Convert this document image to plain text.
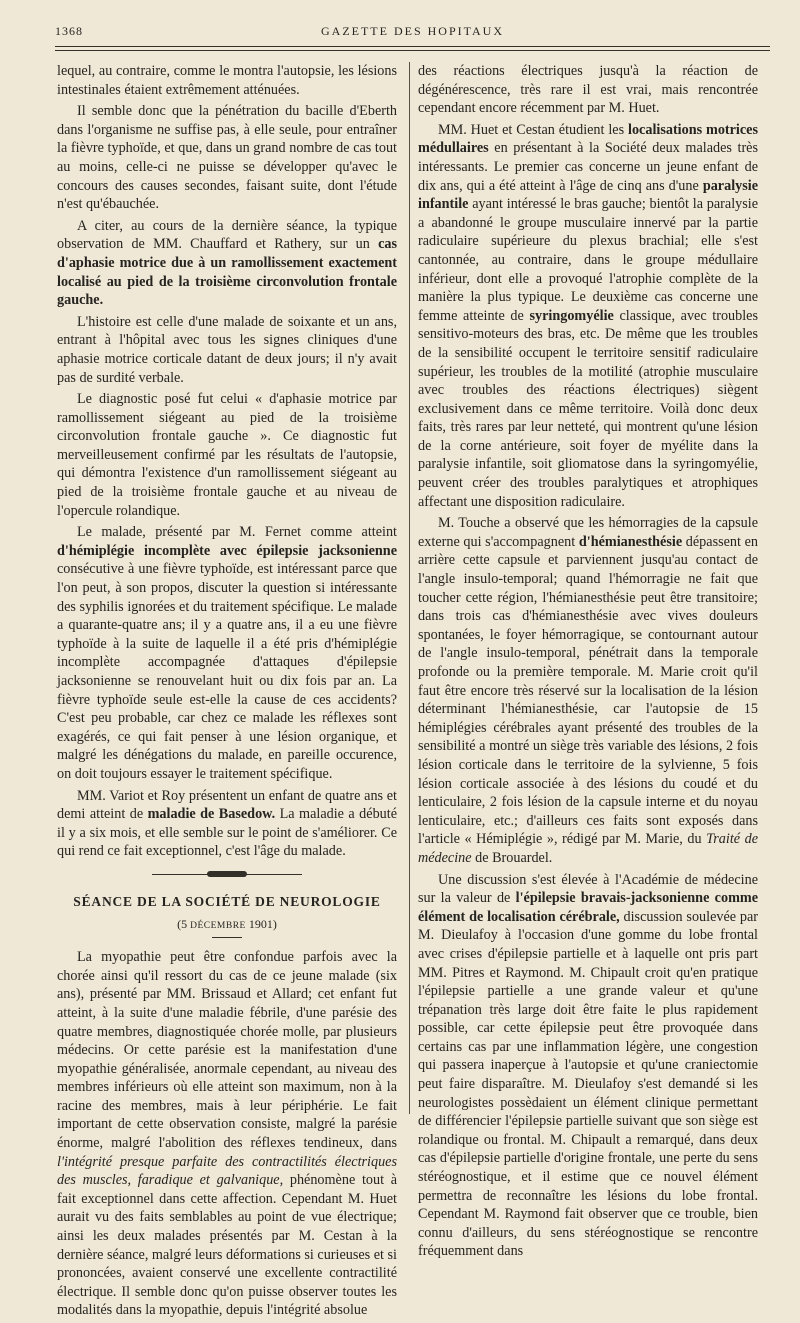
1368	GAZETTE DES HOPITAUX

lequel, au contraire, comme le montra l'autopsie, les lésions intestinales étaient extrêmement atténuées.

Il semble donc que la pénétration du bacille d'Eberth dans l'organisme ne suffise pas, à elle seule, pour entraîner la fièvre typhoïde, et que, dans un grand nombre de cas tout au moins, celle-ci ne puisse se développer qu'avec le concours des causes secondes, faisant suite, dont l'étude n'est qu'ébauchée.

A citer, au cours de la dernière séance, la typique observation de MM. Chauffard et Rathery, sur un cas d'aphasie motrice due à un ramollissement exactement localisé au pied de la troisième circonvolution frontale gauche.

L'histoire est celle d'une malade de soixante et un ans, entrant à l'hôpital avec tous les signes cliniques d'une aphasie motrice corticale datant de deux jours; il n'y avait pas de surdité verbale.

Le diagnostic posé fut celui « d'aphasie motrice par ramollissement siégeant au pied de la troisième circonvolution frontale gauche ». Ce diagnostic fut merveilleusement confirmé par les résultats de l'autopsie, qui démontra l'existence d'un ramollissement siégeant au pied de la troisième frontale gauche et au niveau de l'opercule rolandique.

Le malade, présenté par M. Fernet comme atteint d'hémiplégie incomplète avec épilepsie jacksonienne consécutive à une fièvre typhoïde, est intéressant parce que l'on peut, à son propos, discuter la question si intéressante des syphilis ignorées et du traitement spécifique. Le malade a quarante-quatre ans; il y a quatre ans, il a eu une fièvre typhoïde à la suite de laquelle il a été pris d'hémiplégie incomplète accompagnée d'attaques d'épilepsie jacksonienne se renouvelant huit ou dix fois par an. La fièvre typhoïde seule est-elle la cause de ces accidents? C'est peu probable, car chez ce malade les réflexes sont exagérés, ce qui fait penser à une lésion organique, et malgré les dénégations du malade, en pareille occurence, on doit toujours essayer le traitement spécifique.

MM. Variot et Roy présentent un enfant de quatre ans et demi atteint de maladie de Basedow. La maladie a débuté il y a six mois, et elle semble sur le point de s'améliorer. Ce qui rend ce fait exceptionnel, c'est l'âge du malade.

SÉANCE DE LA SOCIÉTÉ DE NEUROLOGIE

(5 DÉCEMBRE 1901)

La myopathie peut être confondue parfois avec la chorée ainsi qu'il ressort du cas de ce jeune malade (six ans), présenté par MM. Brissaud et Allard; cet enfant fut atteint, à la suite d'une maladie fébrile, d'une parésie des quatre membres, diagnostiquée chorée molle, par plusieurs médecins. Or cette parésie est la manifestation d'une myopathie généralisée, anormale cependant, au niveau des membres inférieurs où elle atteint son maximum, non à la racine des membres, mais à leur périphérie. Le fait important de cette observation consiste, malgré la parésie énorme, malgré l'abolition des réflexes tendineux, dans l'intégrité presque parfaite des contractilités électriques des muscles, faradique et galvanique, phénomène tout à fait exceptionnel dans cette affection. Cependant M. Huet aurait vu des faits semblables au point de vue électrique; ainsi les deux malades présentés par M. Cestan à la dernière séance, malgré leurs déformations si curieuses et si prononcées, avaient conservé une excellente contractilité électrique. Il semble donc qu'on puisse observer toutes les modalités dans la myopathie, depuis l'intégrité absolue

des réactions électriques jusqu'à la réaction de dégénérescence, très rare il est vrai, mais rencontrée cependant encore récemment par M. Huet.

MM. Huet et Cestan étudient les localisations motrices médullaires en présentant à la Société deux malades très intéressants. Le premier cas concerne un jeune enfant de dix ans, qui a été atteint à l'âge de cinq ans d'une paralysie infantile ayant intéressé le bras gauche; bientôt la paralysie a abandonné le groupe musculaire innervé par la partie radiculaire supérieure du plexus brachial; elle s'est cantonnée, au contraire, dans le groupe médullaire inférieur, dont elle a provoqué l'atrophie complète de la manière la plus typique. Le deuxième cas concerne une femme atteinte de syringomyélie classique, avec troubles sensitivo-moteurs des bras, etc. De même que les troubles de la sensibilité occupent le territoire sensitif radiculaire supérieur, les troubles de la motilité (atrophie musculaire avec troubles des réactions électriques) siègent exclusivement dans ce même territoire. Voilà donc deux faits, très rares par leur netteté, qui montrent qu'une lésion de la corne antérieure, soit foyer de myélite dans la paralysie infantile, soit gliomatose dans la syringomyélie, peuvent créer des troubles paralytiques et atrophiques affectant une disposition radiculaire.

M. Touche a observé que les hémorragies de la capsule externe qui s'accompagnent d'hémianesthésie dépassent en arrière cette capsule et parviennent jusqu'au contact de l'angle insulo-temporal; quand l'hémorragie ne fait que toucher cette région, l'hémianesthésie peut être transitoire; dans trois cas d'hémianesthésie avec vives douleurs spontanées, le foyer hémorragique, se contournant autour de l'angle insulo-temporal, pénétrait dans la temporale profonde ou la première temporale. M. Marie croit qu'il faut être encore très réservé sur la localisation de la lésion déterminant l'hémianesthésie, car l'autopsie de 15 hémiplégies cérébrales ayant présenté des troubles de la sensibilité a montré un siège très variable des lésions, 2 fois lésion corticale dans le territoire de la sylvienne, 5 fois lésion corticale associée à des lésions du coudé et du lenticulaire, 2 fois lésion de la capsule interne et du noyau lenticulaire, etc.; d'ailleurs ces faits sont exposés dans l'article « Hémiplégie », rédigé par M. Marie, du Traité de médecine de Brouardel.

Une discussion s'est élevée à l'Académie de médecine sur la valeur de l'épilepsie bravais-jacksonienne comme élément de localisation cérébrale, discussion soulevée par M. Dieulafoy à l'occasion d'une gomme du lobe frontal avec crises d'épilepsie partielle et à laquelle ont pris part MM. Pitres et Raymond. M. Chipault croit qu'en pratique l'épilepsie partielle a une grande valeur et qu'une trépanation très large doit être faite le plus rapidement possible, car cette épilepsie peut être provoquée dans certains cas par une inflammation légère, une congestion qui passera inaperçue à l'autopsie et qu'une craniectomie peut faire disparaître. M. Dieulafoy s'est demandé si les neurologistes possèdaient un élément clinique permettant de différencier l'épilepsie partielle suivant que son siège est rolandique ou frontal. M. Chipault a remarqué, dans deux cas d'épilepsie partielle d'origine frontale, une perte du sens stéréognostique, et il estime que ce nouvel élément permettra de reconnaître les lésions du lobe frontal. Cependant M. Raymond fait observer que ce trouble, bien connu d'ailleurs, du sens stéréognostique se rencontre fréquemment dans
